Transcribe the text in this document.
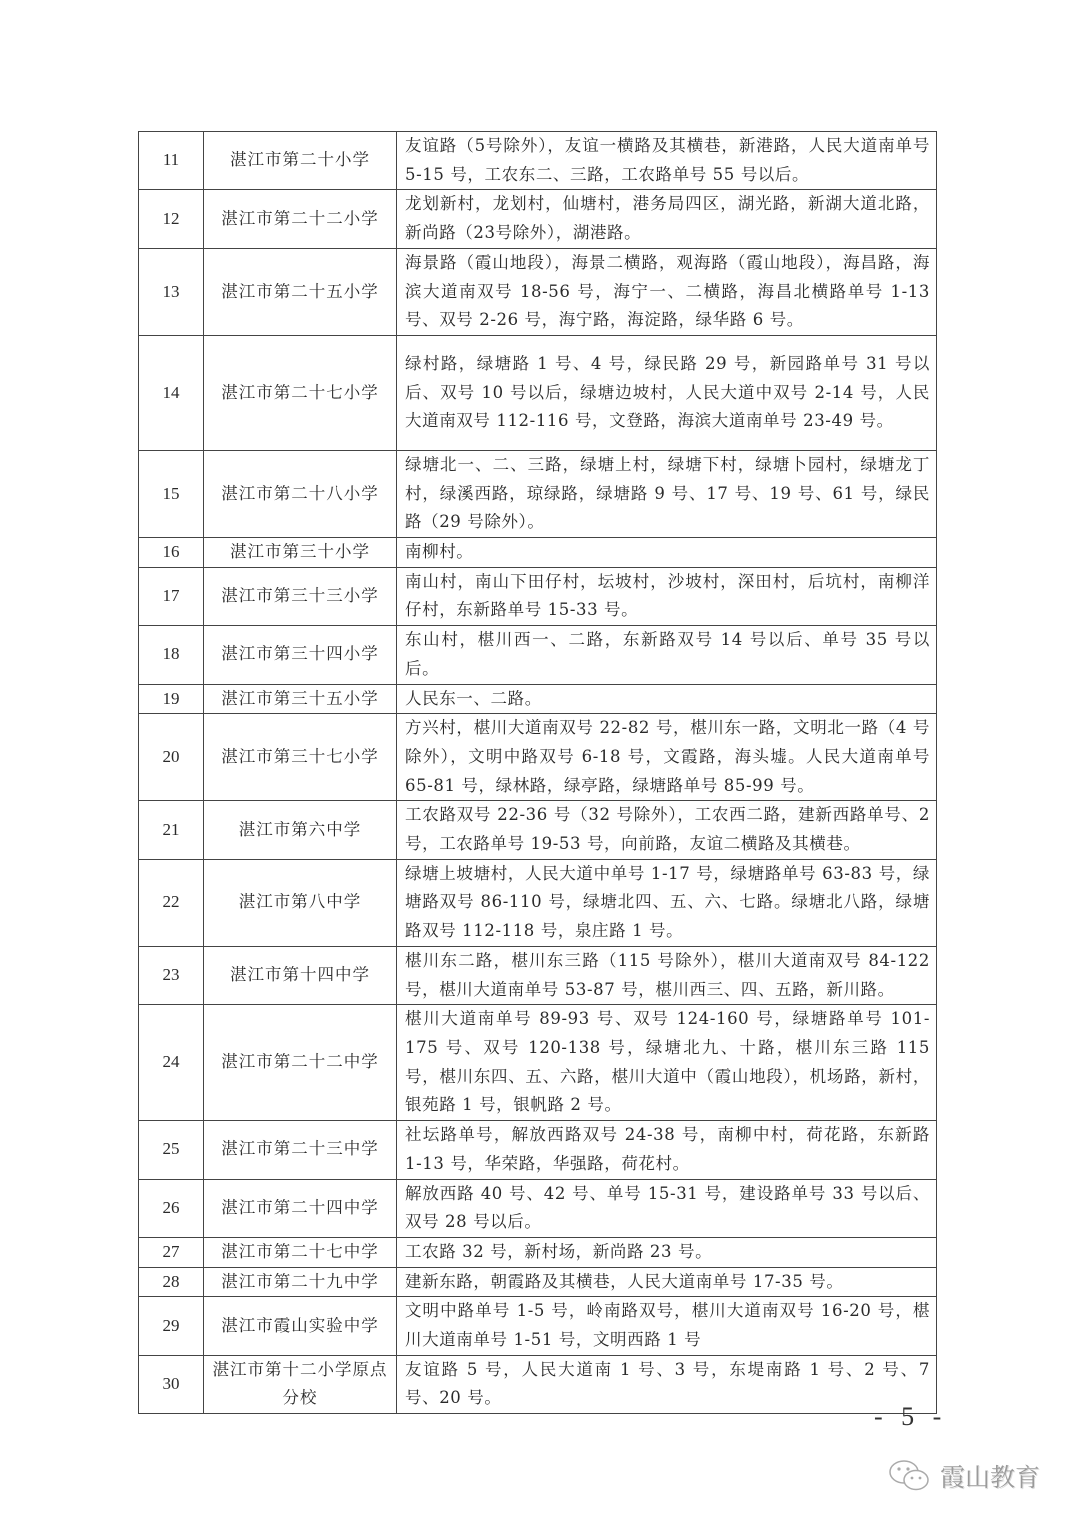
11	湛江市第二十小学	友谊路（5号除外），友谊一横路及其横巷，新港路，人民大道南单号 5-15 号，工农东二、三路，工农路单号 55 号以后。
12	湛江市第二十二小学	龙划新村，龙划村，仙塘村，港务局四区，湖光路，新湖大道北路，新尚路（23号除外），湖港路。
13	湛江市第二十五小学	海景路（霞山地段），海景二横路，观海路（霞山地段），海昌路，海滨大道南双号 18-56 号，海宁一、二横路，海昌北横路单号 1-13 号、双号 2-26 号，海宁路，海淀路，绿华路 6 号。
14	湛江市第二十七小学	绿村路，绿塘路 1 号、4 号，绿民路 29 号，新园路单号 31 号以后、双号 10 号以后，绿塘边坡村，人民大道中双号 2-14 号，人民大道南双号 112-116 号，文登路，海滨大道南单号 23-49 号。
15	湛江市第二十八小学	绿塘北一、二、三路，绿塘上村，绿塘下村，绿塘卜园村，绿塘龙丁村，绿溪西路，琼绿路，绿塘路 9 号、17 号、19 号、61 号，绿民路（29 号除外）。
16	湛江市第三十小学	南柳村。
17	湛江市第三十三小学	南山村，南山下田仔村，坛坡村，沙坡村，深田村，后坑村，南柳洋仔村，东新路单号 15-33 号。
18	湛江市第三十四小学	东山村，椹川西一、二路，东新路双号 14 号以后、单号 35 号以后。
19	湛江市第三十五小学	人民东一、二路。
20	湛江市第三十七小学	方兴村，椹川大道南双号 22-82 号，椹川东一路，文明北一路（4 号除外），文明中路双号 6-18 号，文霞路，海头墟。人民大道南单号 65-81 号，绿林路，绿亭路，绿塘路单号 85-99 号。
21	湛江市第六中学	工农路双号 22-36 号（32 号除外），工农西二路，建新西路单号、2 号，工农路单号 19-53 号，向前路，友谊二横路及其横巷。
22	湛江市第八中学	绿塘上坡塘村，人民大道中单号 1-17 号，绿塘路单号 63-83 号，绿塘路双号 86-110 号，绿塘北四、五、六、七路。绿塘北八路，绿塘路双号 112-118 号，泉庄路 1 号。
23	湛江市第十四中学	椹川东二路，椹川东三路（115 号除外），椹川大道南双号 84-122 号，椹川大道南单号 53-87 号，椹川西三、四、五路，新川路。
24	湛江市第二十二中学	椹川大道南单号 89-93 号、双号 124-160 号，绿塘路单号 101-175 号、双号 120-138 号，绿塘北九、十路，椹川东三路 115 号，椹川东四、五、六路，椹川大道中（霞山地段），机场路，新村，银苑路 1 号，银帆路 2 号。
25	湛江市第二十三中学	社坛路单号，解放西路双号 24-38 号，南柳中村，荷花路，东新路 1-13 号，华荣路，华强路，荷花村。
26	湛江市第二十四中学	解放西路 40 号、42 号、单号 15-31 号，建设路单号 33 号以后、双号 28 号以后。
27	湛江市第二十七中学	工农路 32 号，新村场，新尚路 23 号。
28	湛江市第二十九中学	建新东路，朝霞路及其横巷，人民大道南单号 17-35 号。
29	湛江市霞山实验中学	文明中路单号 1-5 号，岭南路双号，椹川大道南双号 16-20 号，椹川大道南单号 1-51 号，文明西路 1 号
30	湛江市第十二小学原点分校	友谊路 5 号，人民大道南 1 号、3 号，东堤南路 1 号、2 号、7 号、20 号。
- 5 -
霞山教育
